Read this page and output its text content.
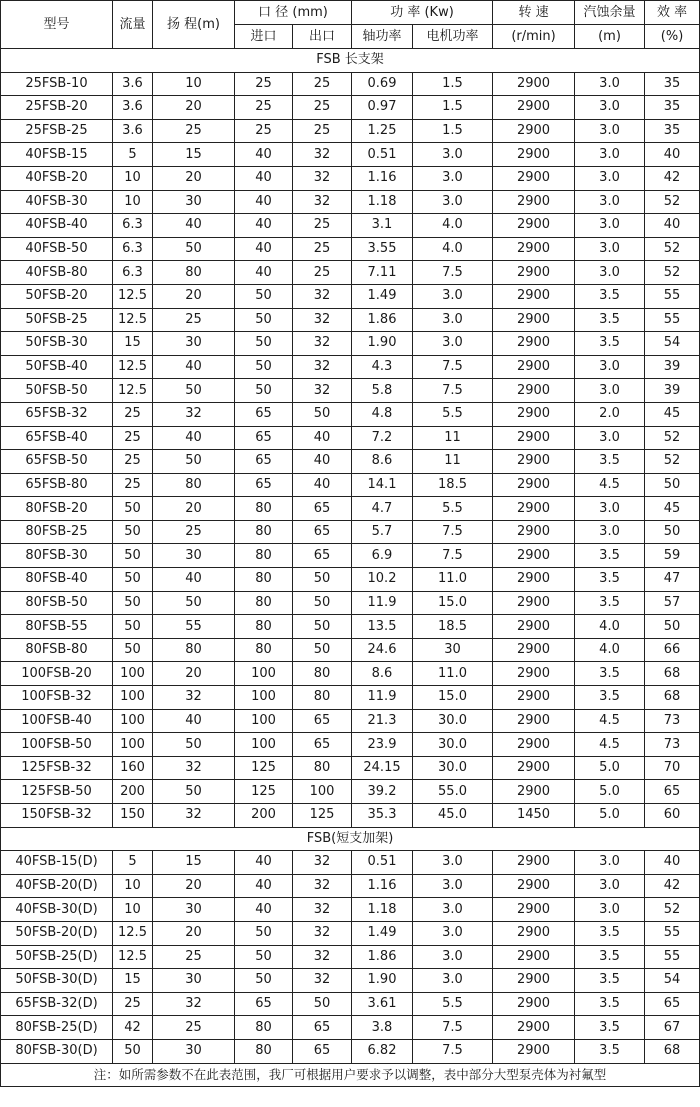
型号	流量	扬 程(m)	口 径 (mm)		功 率 (Kw)		转 速	汽蚀余量	效 率
			进口	出口	轴功率	电机功率	(r/min)	(m)	(%)
FSB 长支架									
25FSB-10	3.6	10	25	25	0.69	1.5	2900	3.0	35
25FSB-20	3.6	20	25	25	0.97	1.5	2900	3.0	35
25FSB-25	3.6	25	25	25	1.25	1.5	2900	3.0	35
40FSB-15	5	15	40	32	0.51	3.0	2900	3.0	40
40FSB-20	10	20	40	32	1.16	3.0	2900	3.0	42
40FSB-30	10	30	40	32	1.18	3.0	2900	3.0	52
40FSB-40	6.3	40	40	25	3.1	4.0	2900	3.0	40
40FSB-50	6.3	50	40	25	3.55	4.0	2900	3.0	52
40FSB-80	6.3	80	40	25	7.11	7.5	2900	3.0	52
50FSB-20	12.5	20	50	32	1.49	3.0	2900	3.5	55
50FSB-25	12.5	25	50	32	1.86	3.0	2900	3.5	55
50FSB-30	15	30	50	32	1.90	3.0	2900	3.5	54
50FSB-40	12.5	40	50	32	4.3	7.5	2900	3.0	39
50FSB-50	12.5	50	50	32	5.8	7.5	2900	3.0	39
65FSB-32	25	32	65	50	4.8	5.5	2900	2.0	45
65FSB-40	25	40	65	40	7.2	11	2900	3.0	52
65FSB-50	25	50	65	40	8.6	11	2900	3.5	52
65FSB-80	25	80	65	40	14.1	18.5	2900	4.5	50
80FSB-20	50	20	80	65	4.7	5.5	2900	3.0	45
80FSB-25	50	25	80	65	5.7	7.5	2900	3.0	50
80FSB-30	50	30	80	65	6.9	7.5	2900	3.5	59
80FSB-40	50	40	80	50	10.2	11.0	2900	3.5	47
80FSB-50	50	50	80	50	11.9	15.0	2900	3.5	57
80FSB-55	50	55	80	50	13.5	18.5	2900	4.0	50
80FSB-80	50	80	80	50	24.6	30	2900	4.0	66
100FSB-20	100	20	100	80	8.6	11.0	2900	3.5	68
100FSB-32	100	32	100	80	11.9	15.0	2900	3.5	68
100FSB-40	100	40	100	65	21.3	30.0	2900	4.5	73
100FSB-50	100	50	100	65	23.9	30.0	2900	4.5	73
125FSB-32	160	32	125	80	24.15	30.0	2900	5.0	70
125FSB-50	200	50	125	100	39.2	55.0	2900	5.0	65
150FSB-32	150	32	200	125	35.3	45.0	1450	5.0	60
FSB(短支加架)									
40FSB-15(D)	5	15	40	32	0.51	3.0	2900	3.0	40
40FSB-20(D)	10	20	40	32	1.16	3.0	2900	3.0	42
40FSB-30(D)	10	30	40	32	1.18	3.0	2900	3.0	52
50FSB-20(D)	12.5	20	50	32	1.49	3.0	2900	3.5	55
50FSB-25(D)	12.5	25	50	32	1.86	3.0	2900	3.5	55
50FSB-30(D)	15	30	50	32	1.90	3.0	2900	3.5	54
65FSB-32(D)	25	32	65	50	3.61	5.5	2900	3.5	65
80FSB-25(D)	42	25	80	65	3.8	7.5	2900	3.5	67
80FSB-30(D)	50	30	80	65	6.82	7.5	2900	3.5	68
注：如所需参数不在此表范围，我厂可根据用户要求予以调整，表中部分大型泵壳体为衬氟型									
